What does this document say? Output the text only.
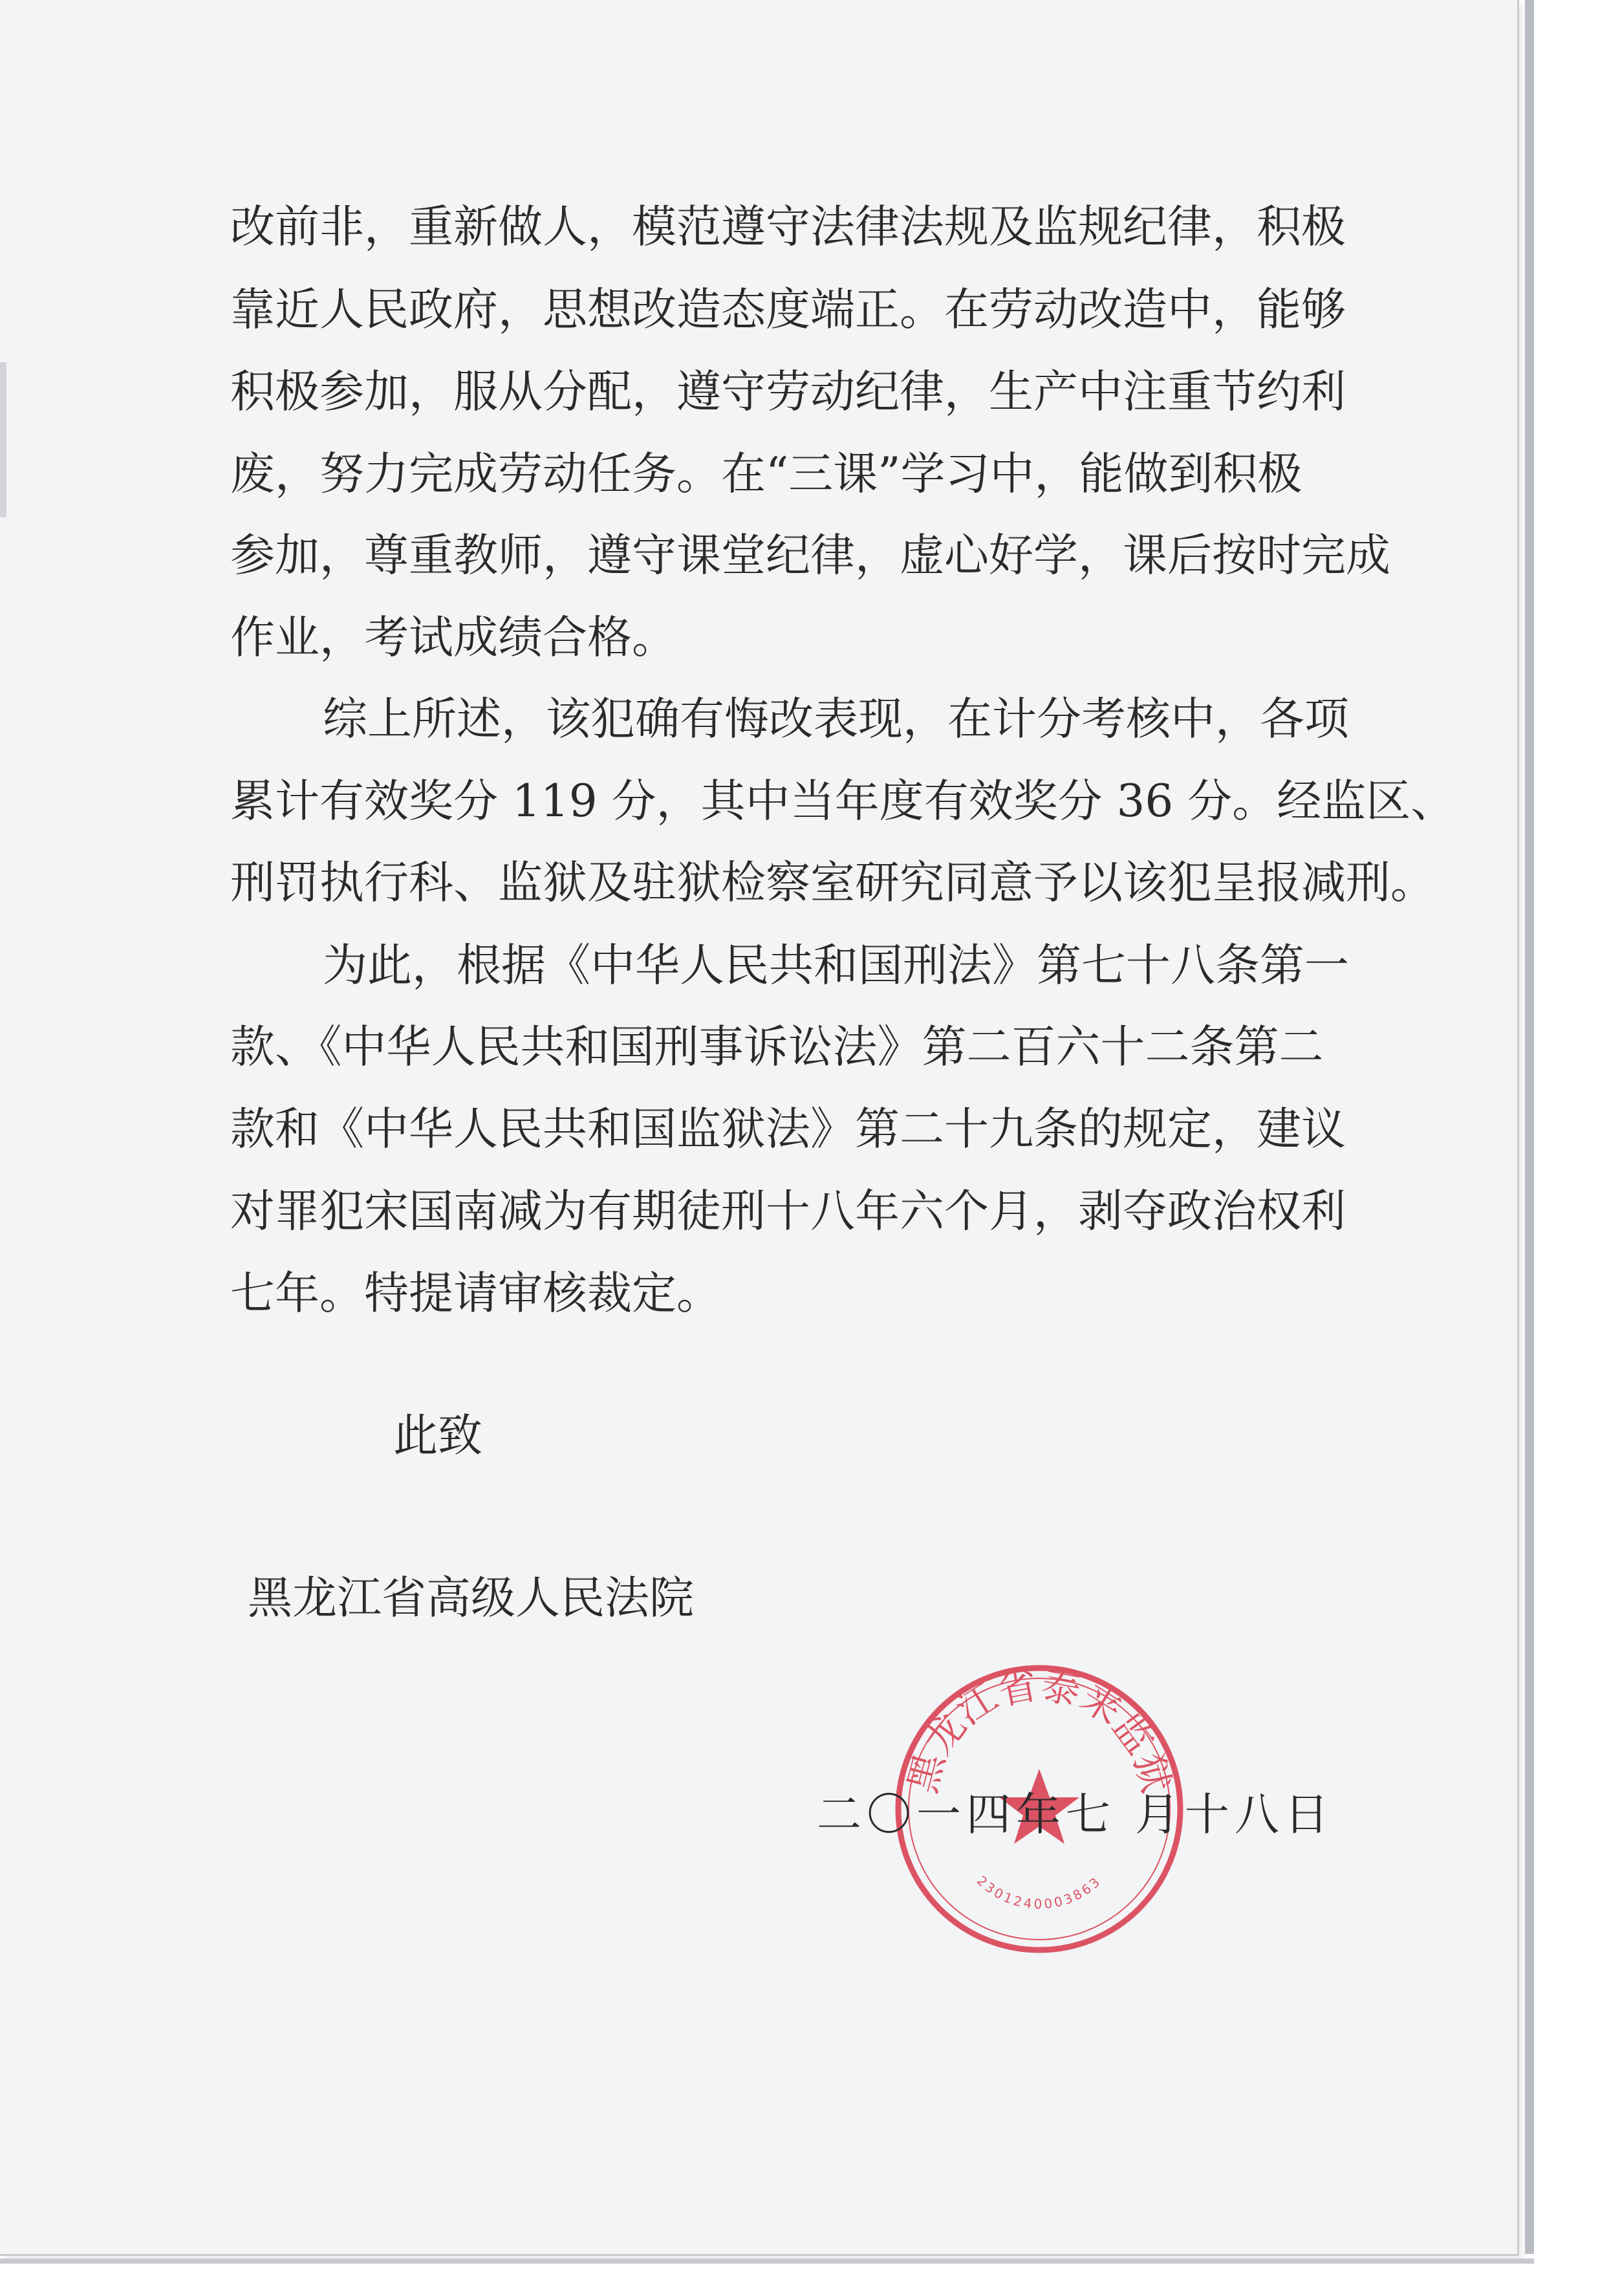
改前非，重新做人，模范遵守法律法规及监规纪律，积极
靠近人民政府，思想改造态度端正。在劳动改造中，能够
积极参加，服从分配，遵守劳动纪律，生产中注重节约利
废，努力完成劳动任务。在“三课”学习中，能做到积极
参加，尊重教师，遵守课堂纪律，虚心好学，课后按时完成
作业，考试成绩合格。
综上所述，该犯确有悔改表现，在计分考核中，各项
累计有效奖分 119 分，其中当年度有效奖分 36 分。经监区、
刑罚执行科、监狱及驻狱检察室研究同意予以该犯呈报减刑。
为此，根据《中华人民共和国刑法》第七十八条第一
款、《中华人民共和国刑事诉讼法》第二百六十二条第二
款和《中华人民共和国监狱法》第二十九条的规定，建议
对罪犯宋国南减为有期徒刑十八年六个月，剥夺政治权利
七年。特提请审核裁定。
此致
黑龙江省高级人民法院
黑龙江省泰来监狱
2301240003863
二〇一四年七 月十八日
